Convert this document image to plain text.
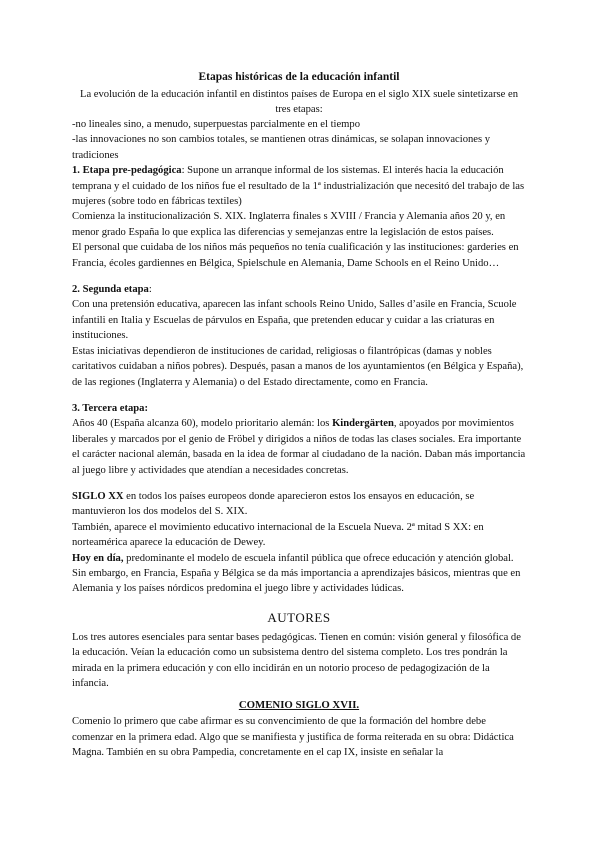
Etapas históricas de la educación infantil
La evolución de la educación infantil en distintos países de Europa en el siglo XIX suele sintetizarse en tres etapas:

-no lineales sino, a menudo, superpuestas parcialmente en el tiempo

-las innovaciones no son cambios totales, se mantienen otras dinámicas, se solapan innovaciones y tradiciones

1. Etapa pre-pedagógica: Supone un arranque informal de los sistemas. El interés hacia la educación temprana y el cuidado de los niños fue el resultado de la 1ª industrialización que necesitó del trabajo de las mujeres (sobre todo en fábricas textiles)

Comienza la institucionalización S. XIX. Inglaterra finales s XVIII / Francia y Alemania años 20 y, en menor grado España lo que explica las diferencias y semejanzas entre la legislación de estos países.

El personal que cuidaba de los niños más pequeños no tenía cualificación y las instituciones: garderies en Francia, écoles gardiennes en Bélgica, Spielschule en Alemania, Dame Schools en el Reino Unido…

2. Segunda etapa:

Con una pretensión educativa, aparecen las infant schools Reino Unido, Salles d’asile en Francia, Scuole infantili en Italia y Escuelas de párvulos en España, que pretenden educar y cuidar a las criaturas en instituciones.

Estas iniciativas dependieron de instituciones de caridad, religiosas o filantrópicas (damas y nobles caritativos cuidaban a niños pobres). Después, pasan a manos de los ayuntamientos (en Bélgica y España), de las regiones (Inglaterra y Alemania) o del Estado directamente, como en Francia.

3. Tercera etapa:

Años 40 (España alcanza 60), modelo prioritario alemán: los Kindergärten, apoyados por movimientos liberales y marcados por el genio de Fröbel y dirigidos a niños de todas las clases sociales. Era importante el carácter nacional alemán, basada en la idea de formar al ciudadano de la nación. Daban más importancia al juego libre y actividades que atendían a necesidades concretas.

SIGLO XX en todos los países europeos donde aparecieron estos los ensayos en educación, se mantuvieron los dos modelos del S. XIX.

También, aparece el movimiento educativo internacional de la Escuela Nueva. 2ª mitad S XX: en norteamérica aparece la educación de Dewey.

Hoy en día, predominante el modelo de escuela infantil pública que ofrece educación y atención global. Sin embargo, en Francia, España y Bélgica se da más importancia a aprendizajes básicos, mientras que en Alemania y los países nórdicos predomina el juego libre y actividades lúdicas.

AUTORES

Los tres autores esenciales para sentar bases pedagógicas. Tienen en común: visión general y filosófica de la educación. Veían la educación como un subsistema dentro del sistema completo. Los tres pondrán la mirada en la primera educación y con ello incidirán en un notorio proceso de pedagogización de la infancia.

COMENIO SIGLO XVII.

Comenio lo primero que cabe afirmar es su convencimiento de que la formación del hombre debe comenzar en la primera edad. Algo que se manifiesta y justifica de forma reiterada en su obra: Didáctica Magna. También en su obra Pampedia, concretamente en el cap IX, insiste en señalar la
